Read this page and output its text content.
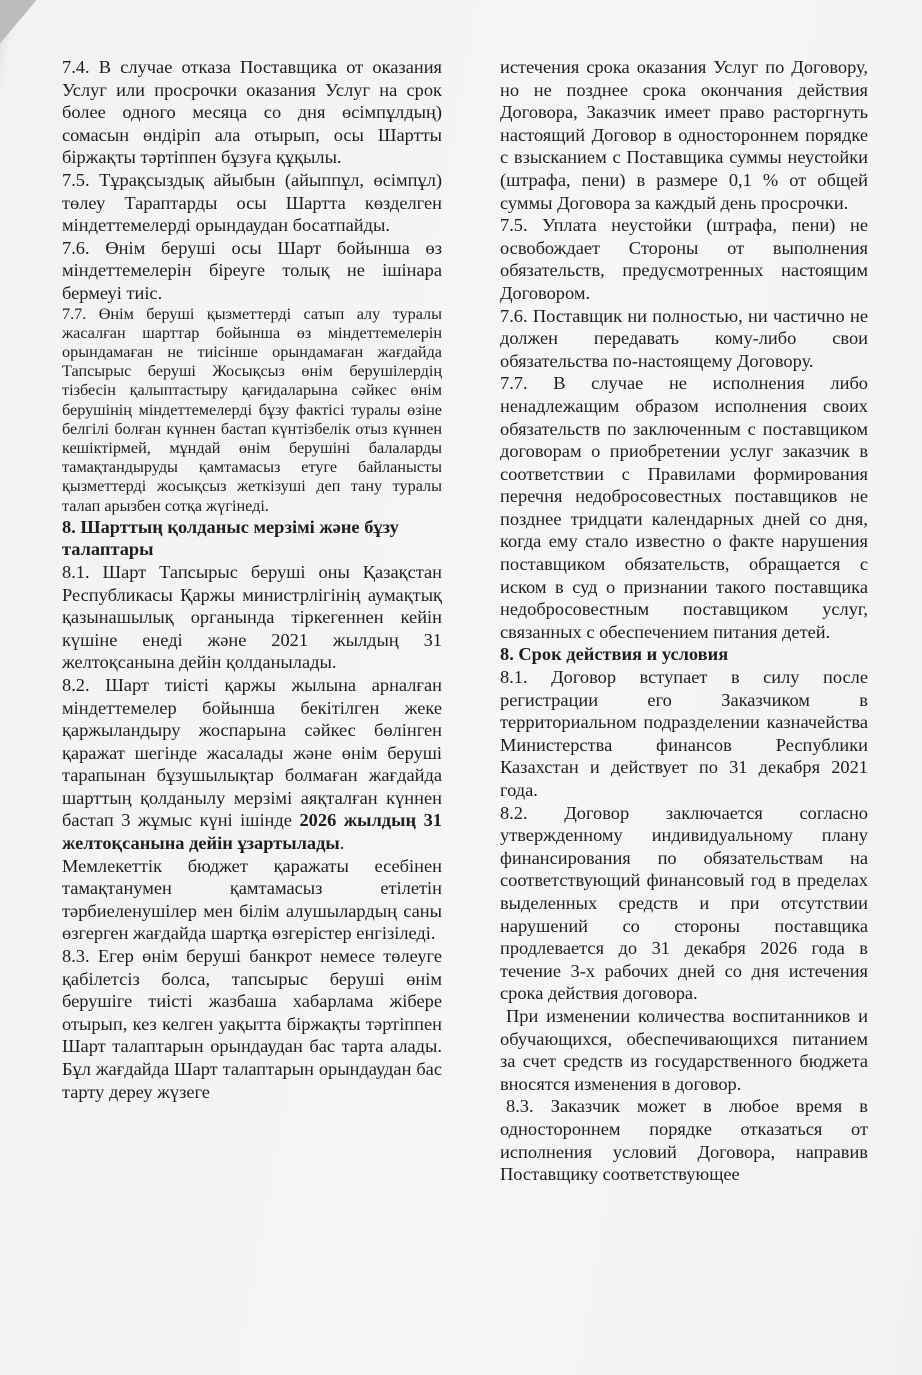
7.4. В случае отказа Поставщика от оказания Услуг или просрочки оказания Услуг на срок более одного месяца со дня өсімпұлдың) сомасын өндіріп ала отырып, осы Шартты біржақты тәртіппен бұзуға құқылы.

7.5. Тұрақсыздық айыбын (айыппұл, өсімпұл) төлеу Тараптарды осы Шартта көзделген міндеттемелерді орындаудан босатпайды.

7.6. Өнім беруші осы Шарт бойынша өз міндеттемелерін біреуге толық не ішінара бермеуі тиіс.

7.7. Өнім беруші қызметтерді сатып алу туралы жасалған шарттар бойынша өз міндеттемелерін орындамаған не тиісінше орындамаған жағдайда Тапсырыс беруші Жосықсыз өнім берушілердің тізбесін қалыптастыру қағидаларына сәйкес өнім берушінің міндеттемелерді бұзу фактісі туралы өзіне белгілі болған күннен бастап күнтізбелік отыз күннен кешіктірмей, мұндай өнім берушіні балаларды тамақтандыруды қамтамасыз етуге байланысты қызметтерді жосықсыз жеткізуші деп тану туралы талап арызбен сотқа жүгінеді.

8. Шарттың қолданыс мерзімі және бұзу талаптары

8.1. Шарт Тапсырыс беруші оны Қазақстан Республикасы Қаржы министрлігінің аумақтық қазынашылық органында тіркегеннен кейін күшіне енеді және 2021 жылдың 31 желтоқсанына дейін қолданылады.

8.2. Шарт тиісті қаржы жылына арналған міндеттемелер бойынша бекітілген жеке қаржыландыру жоспарына сәйкес бөлінген қаражат шегінде жасалады және өнім беруші тарапынан бұзушылықтар болмаған жағдайда шарттың қолданылу мерзімі аяқталған күннен бастап 3 жұмыс күні ішінде 2026 жылдың 31 желтоқсанына дейін ұзартылады.

Мемлекеттік бюджет қаражаты есебінен тамақтанумен қамтамасыз етілетін тәрбиеленушілер мен білім алушылардың саны өзгерген жағдайда шартқа өзгерістер енгізіледі.

8.3. Егер өнім беруші банкрот немесе төлеуге қабілетсіз болса, тапсырыс беруші өнім берушіге тиісті жазбаша хабарлама жібере отырып, кез келген уақытта біржақты тәртіппен Шарт талаптарын орындаудан бас тарта алады. Бұл жағдайда Шарт талаптарын орындаудан бас тарту дереу жүзеге

истечения срока оказания Услуг по Договору, но не позднее срока окончания действия Договора, Заказчик имеет право расторгнуть настоящий Договор в одностороннем порядке с взысканием с Поставщика суммы неустойки (штрафа, пени) в размере 0,1 % от общей суммы Договора за каждый день просрочки.

7.5. Уплата неустойки (штрафа, пени) не освобождает Стороны от выполнения обязательств, предусмотренных настоящим Договором.

7.6. Поставщик ни полностью, ни частично не должен передавать кому-либо свои обязательства по-настоящему Договору.

7.7. В случае не исполнения либо ненадлежащим образом исполнения своих обязательств по заключенным с поставщиком договорам о приобретении услуг заказчик в соответствии с Правилами формирования перечня недобросовестных поставщиков не позднее тридцати календарных дней со дня, когда ему стало известно о факте нарушения поставщиком обязательств, обращается с иском в суд о признании такого поставщика недобросовестным поставщиком услуг, связанных с обеспечением питания детей.

8. Срок действия и условия

8.1. Договор вступает в силу после регистрации его Заказчиком в территориальном подразделении казначейства Министерства финансов Республики Казахстан и действует по 31 декабря 2021 года.

8.2. Договор заключается согласно утвержденному индивидуальному плану финансирования по обязательствам на соответствующий финансовый год в пределах выделенных средств и при отсутствии нарушений со стороны поставщика продлевается до 31 декабря 2026 года в течение 3-х рабочих дней со дня истечения срока действия договора.

При изменении количества воспитанников и обучающихся, обеспечивающихся питанием за счет средств из государственного бюджета вносятся изменения в договор.

8.3. Заказчик может в любое время в одностороннем порядке отказаться от исполнения условий Договора, направив Поставщику соответствующее
